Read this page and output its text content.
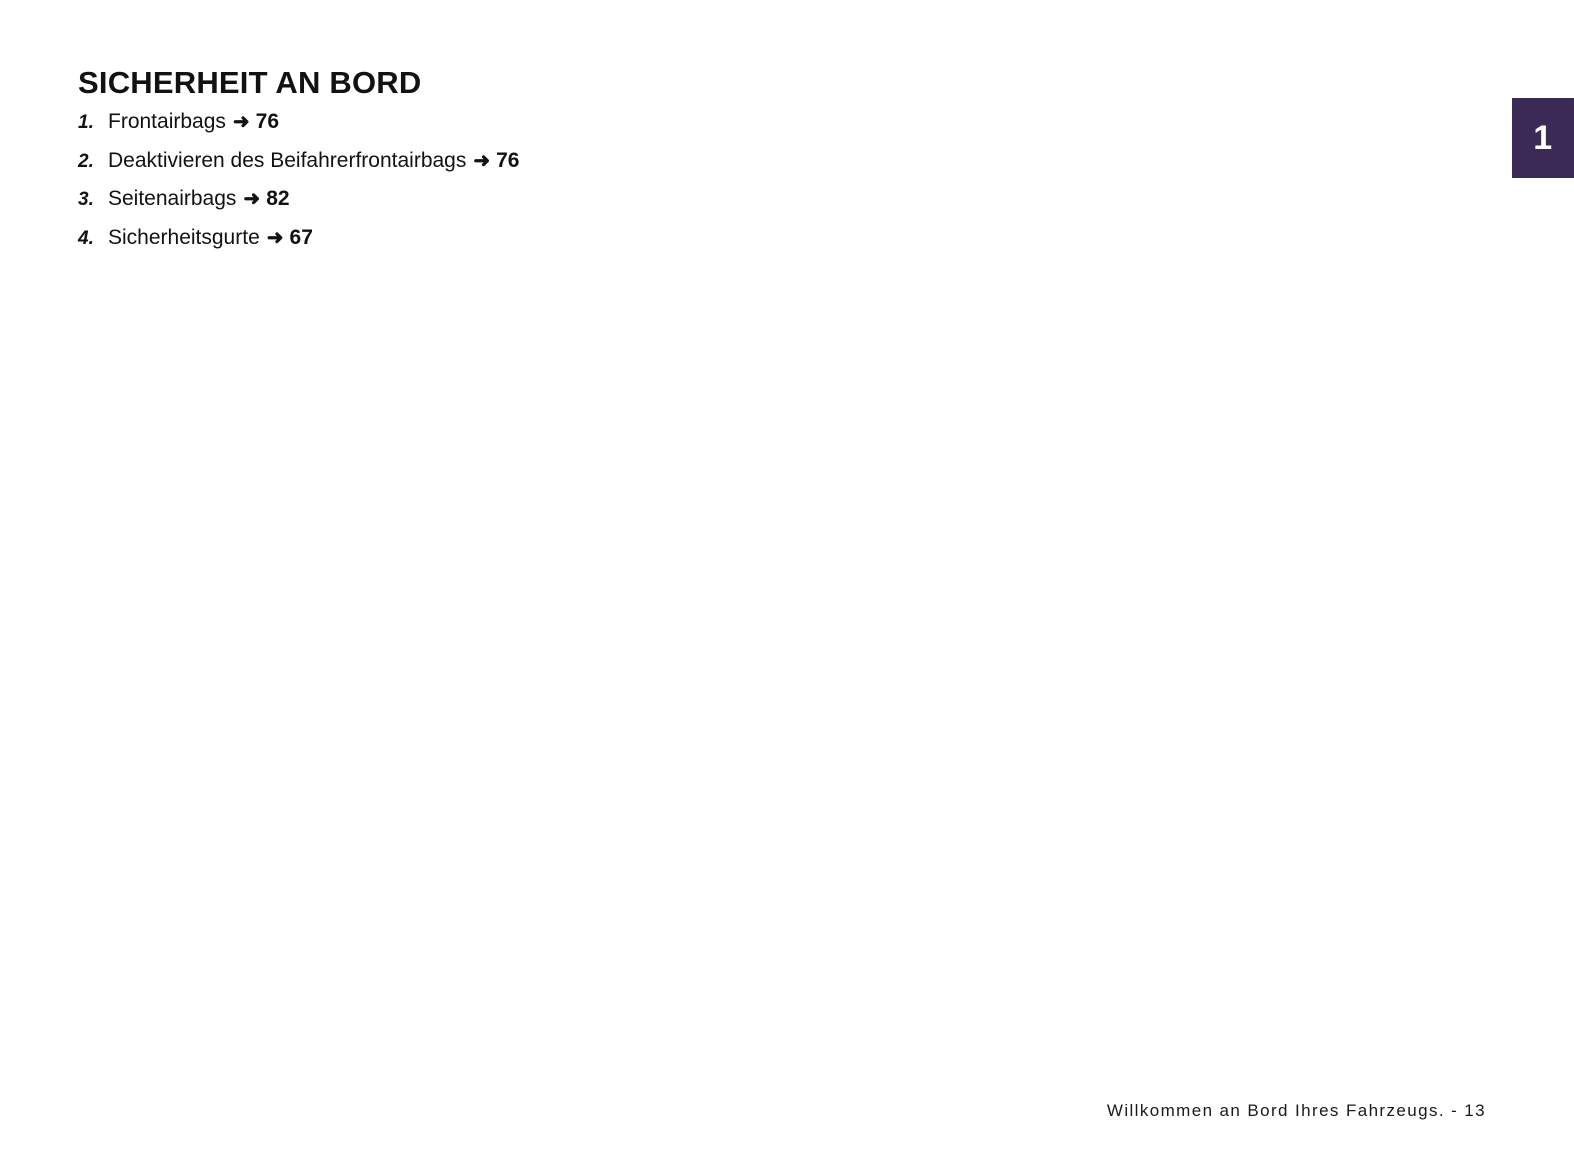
1
SICHERHEIT AN BORD
1. Frontairbags ➜ 76
2. Deaktivieren des Beifahrerfrontairbags ➜ 76
3. Seitenairbags ➜ 82
4. Sicherheitsgurte ➜ 67
Willkommen an Bord Ihres Fahrzeugs. - 13
